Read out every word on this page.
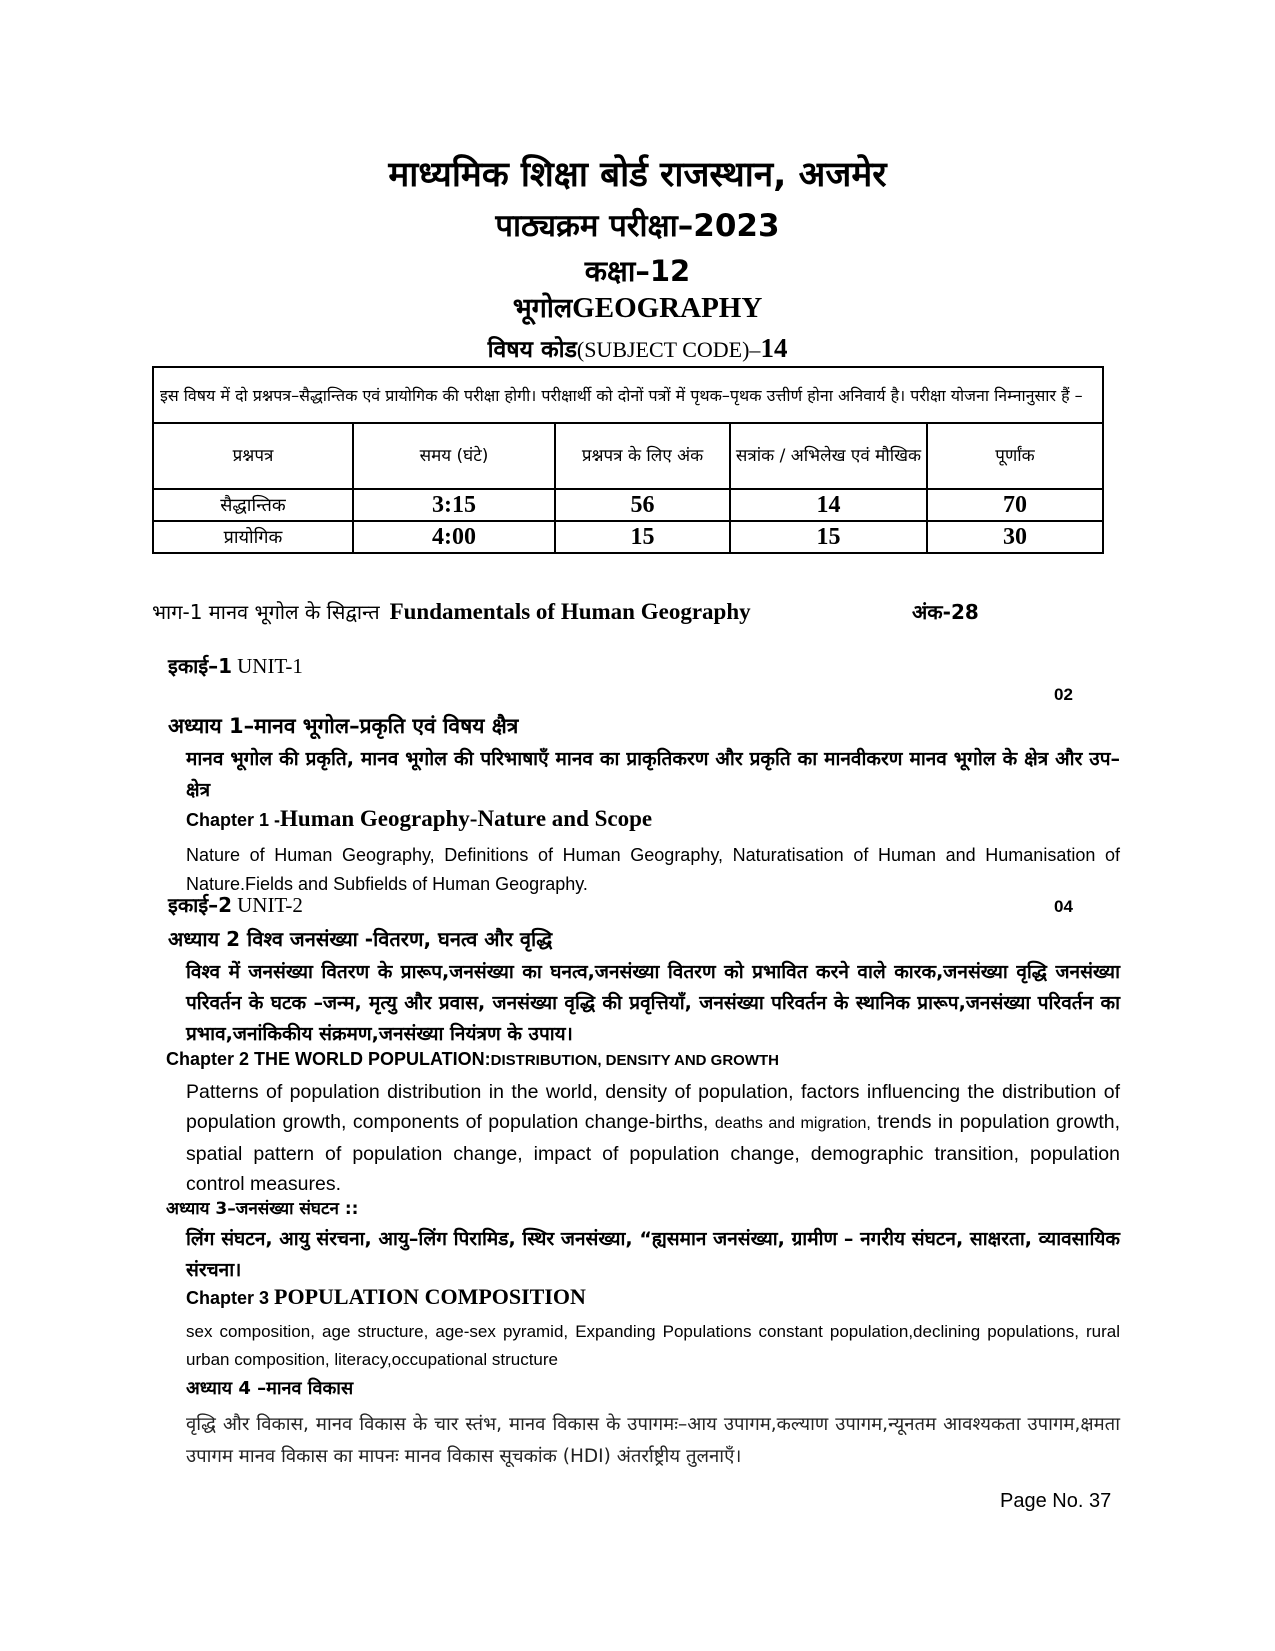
माध्यमिक शिक्षा बोर्ड राजस्थान, अजमेर
पाठ्यक्रम परीक्षा–2023
कक्षा–12
भूगोलGEOGRAPHY
विषय कोड(SUBJECT CODE)–14
इस विषय में दो प्रश्नपत्र–सैद्धान्तिक एवं प्रायोगिक की परीक्षा होगी। परीक्षार्थी को दोनों पत्रों में पृथक–पृथक उत्तीर्ण होना अनिवार्य है। परीक्षा योजना निम्नानुसार हैं –				
प्रश्नपत्र	समय (घंटे)	प्रश्नपत्र के लिए अंक	सत्रांक / अभिलेख एवं मौखिक	पूर्णांक
सैद्धान्तिक	3:15	56	14	70
प्रायोगिक	4:00	15	15	30
भाग-1 मानव भूगोल के सिद्वान्त Fundamentals of Human Geography	अंक-28
इकाई–1 UNIT-1
02
अध्याय 1–मानव भूगोल–प्रकृति एवं विषय क्षैत्र
मानव भूगोल की प्रकृति, मानव भूगोल की परिभाषाएँ मानव का प्राकृतिकरण और प्रकृति का मानवीकरण मानव भूगोल के क्षेत्र और उप–क्षेत्र
Chapter 1 -Human Geography-Nature and Scope
Nature of Human Geography, Definitions of Human Geography, Naturatisation of Human and Humanisation of Nature.Fields and Subfields of Human Geography.
इकाई–2 UNIT-2	04
अध्याय 2 विश्व जनसंख्या -वितरण, घनत्व और वृद्धि
विश्व में जनसंख्या वितरण के प्रारूप,जनसंख्या का घनत्व,जनसंख्या वितरण को प्रभावित करने वाले कारक,जनसंख्या वृद्धि जनसंख्या परिवर्तन के घटक –जन्म, मृत्यु और प्रवास, जनसंख्या वृद्धि की प्रवृत्तियाँ, जनसंख्या परिवर्तन के स्थानिक प्रारूप,जनसंख्या परिवर्तन का प्रभाव,जनांकिकीय संक्रमण,जनसंख्या नियंत्रण के उपाय।
Chapter 2 THE WORLD POPULATION:DISTRIBUTION, DENSITY AND GROWTH
Patterns of population distribution in the world, density of population, factors influencing the distribution of population growth, components of population change-births, deaths and migration, trends in population growth, spatial pattern of population change, impact of population change, demographic transition, population control measures.
अध्याय 3–जनसंख्या संघटन ::
लिंग संघटन, आयु संरचना, आयु–लिंग पिरामिड, स्थिर जनसंख्या, “ह्यसमान जनसंख्या, ग्रामीण – नगरीय संघटन, साक्षरता, व्यावसायिक संरचना।
Chapter 3 POPULATION COMPOSITION
sex composition, age structure, age-sex pyramid, Expanding Populations constant population,declining populations, rural urban composition, literacy,occupational structure
अध्याय 4 –मानव विकास
वृद्धि और विकास, मानव विकास के चार स्तंभ, मानव विकास के उपागमः–आय उपागम,कल्याण उपागम,न्यूनतम आवश्यकता उपागम,क्षमता उपागम मानव विकास का मापनः मानव विकास सूचकांक (HDI) अंतर्राष्ट्रीय तुलनाएँ।
Page No. 37
